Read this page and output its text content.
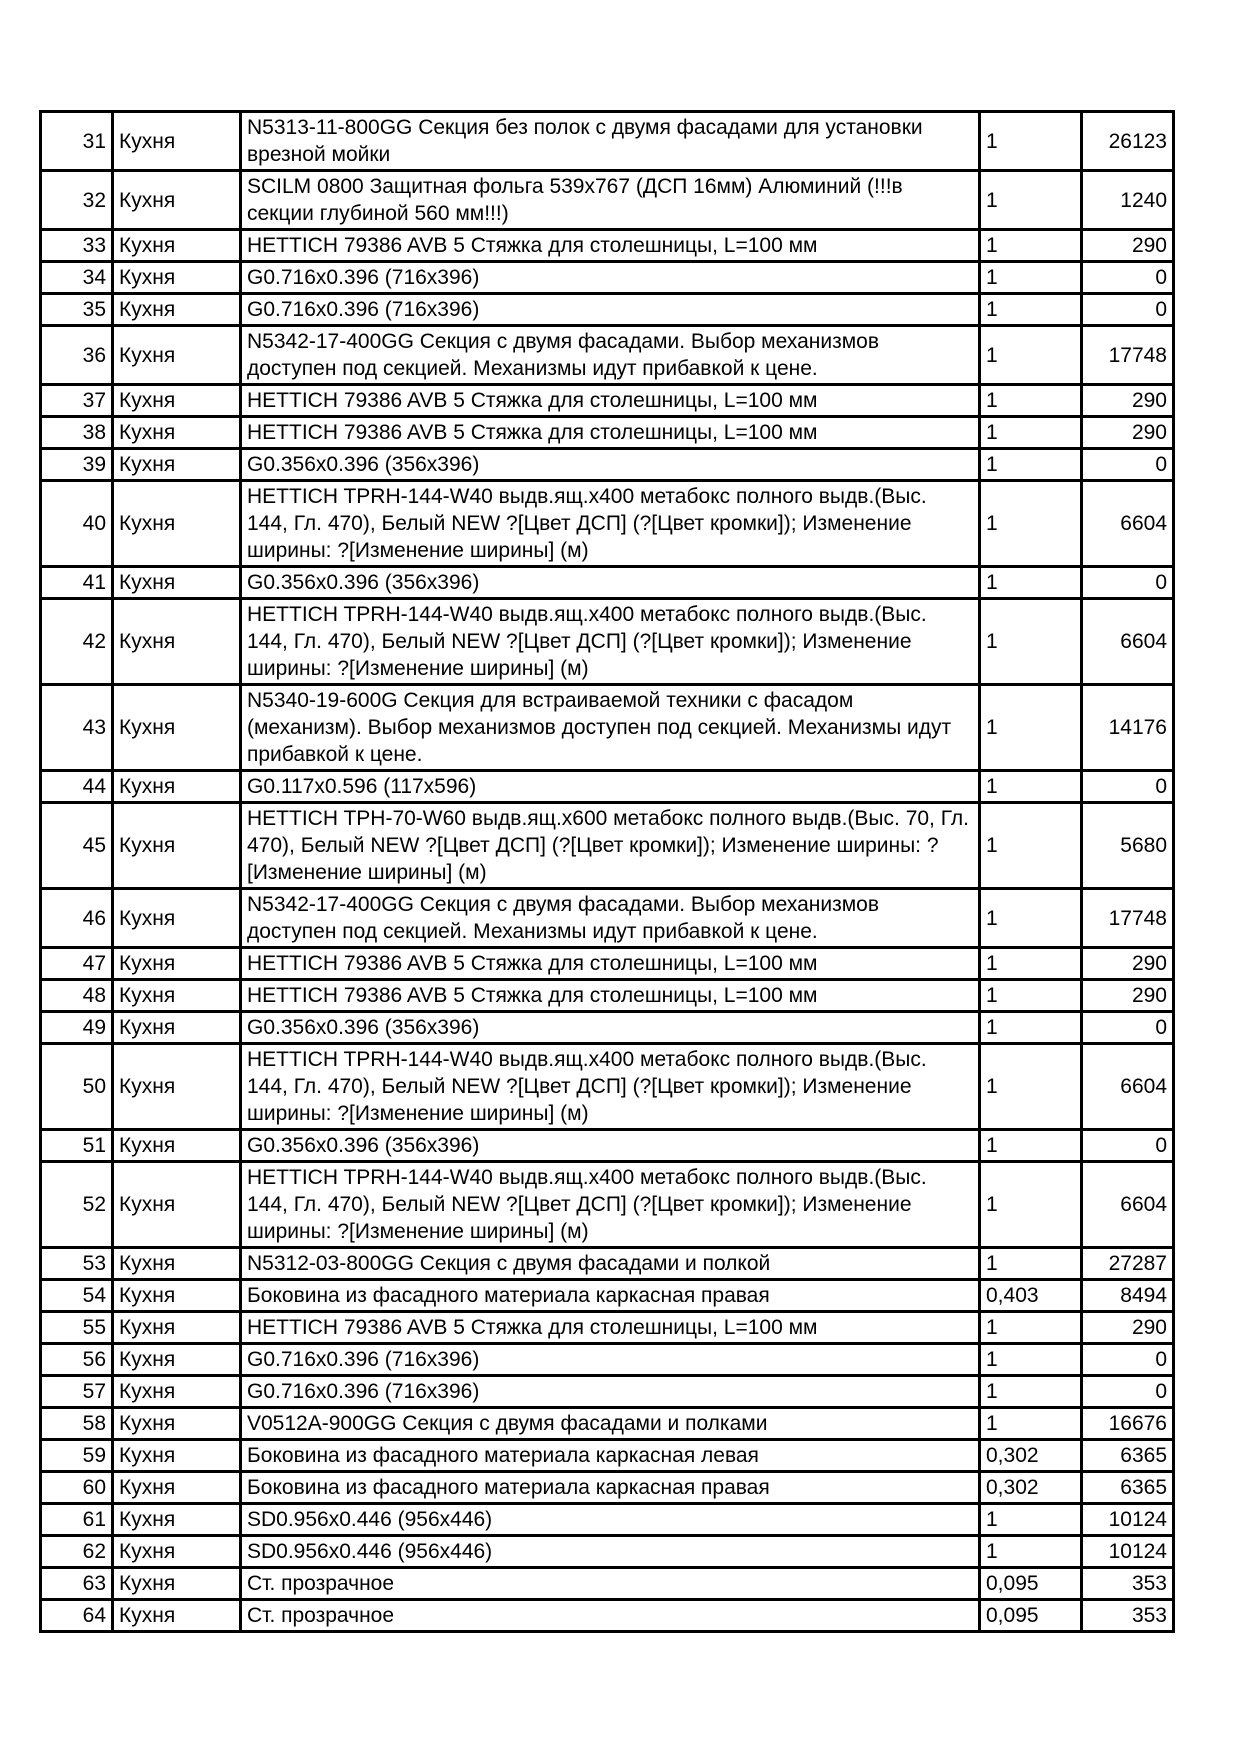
31	Кухня	N5313-11-800GG Секция без полок с двумя фасадами для установки врезной мойки	1	26123
32	Кухня	SCILM 0800 Защитная фольга 539х767 (ДСП 16мм) Алюминий (!!!в секции глубиной 560 мм!!!)	1	1240
33	Кухня	HETTICH 79386 AVB 5 Стяжка для столешницы, L=100 мм	1	290
34	Кухня	G0.716x0.396 (716x396)	1	0
35	Кухня	G0.716x0.396 (716x396)	1	0
36	Кухня	N5342-17-400GG Секция с двумя фасадами. Выбор механизмов доступен под секцией. Механизмы идут прибавкой к цене.	1	17748
37	Кухня	HETTICH 79386 AVB 5 Стяжка для столешницы, L=100 мм	1	290
38	Кухня	HETTICH 79386 AVB 5 Стяжка для столешницы, L=100 мм	1	290
39	Кухня	G0.356x0.396 (356x396)	1	0
40	Кухня	HETTICH TPRH-144-W40 выдв.ящ.х400 метабокс полного выдв.(Выс. 144, Гл. 470), Белый NEW ?[Цвет ДСП] (?[Цвет кромки]); Изменение ширины: ?[Изменение ширины] (м)	1	6604
41	Кухня	G0.356x0.396 (356x396)	1	0
42	Кухня	HETTICH TPRH-144-W40 выдв.ящ.х400 метабокс полного выдв.(Выс. 144, Гл. 470), Белый NEW ?[Цвет ДСП] (?[Цвет кромки]); Изменение ширины: ?[Изменение ширины] (м)	1	6604
43	Кухня	N5340-19-600G Секция для встраиваемой техники с фасадом (механизм). Выбор механизмов доступен под секцией. Механизмы идут прибавкой к цене.	1	14176
44	Кухня	G0.117x0.596 (117x596)	1	0
45	Кухня	HETTICH TPH-70-W60 выдв.ящ.х600 метабокс полного выдв.(Выс. 70, Гл. 470), Белый NEW ?[Цвет ДСП] (?[Цвет кромки]); Изменение ширины: ?[Изменение ширины] (м)	1	5680
46	Кухня	N5342-17-400GG Секция с двумя фасадами. Выбор механизмов доступен под секцией. Механизмы идут прибавкой к цене.	1	17748
47	Кухня	HETTICH 79386 AVB 5 Стяжка для столешницы, L=100 мм	1	290
48	Кухня	HETTICH 79386 AVB 5 Стяжка для столешницы, L=100 мм	1	290
49	Кухня	G0.356x0.396 (356x396)	1	0
50	Кухня	HETTICH TPRH-144-W40 выдв.ящ.х400 метабокс полного выдв.(Выс. 144, Гл. 470), Белый NEW ?[Цвет ДСП] (?[Цвет кромки]); Изменение ширины: ?[Изменение ширины] (м)	1	6604
51	Кухня	G0.356x0.396 (356x396)	1	0
52	Кухня	HETTICH TPRH-144-W40 выдв.ящ.х400 метабокс полного выдв.(Выс. 144, Гл. 470), Белый NEW ?[Цвет ДСП] (?[Цвет кромки]); Изменение ширины: ?[Изменение ширины] (м)	1	6604
53	Кухня	N5312-03-800GG Секция с двумя фасадами и полкой	1	27287
54	Кухня	Боковина из фасадного материала каркасная правая	0,403	8494
55	Кухня	HETTICH 79386 AVB 5 Стяжка для столешницы, L=100 мм	1	290
56	Кухня	G0.716x0.396 (716x396)	1	0
57	Кухня	G0.716x0.396 (716x396)	1	0
58	Кухня	V0512A-900GG Секция с двумя фасадами и полками	1	16676
59	Кухня	Боковина из фасадного материала каркасная левая	0,302	6365
60	Кухня	Боковина из фасадного материала каркасная правая	0,302	6365
61	Кухня	SD0.956x0.446 (956x446)	1	10124
62	Кухня	SD0.956x0.446 (956x446)	1	10124
63	Кухня	Ст. прозрачное	0,095	353
64	Кухня	Ст. прозрачное	0,095	353
